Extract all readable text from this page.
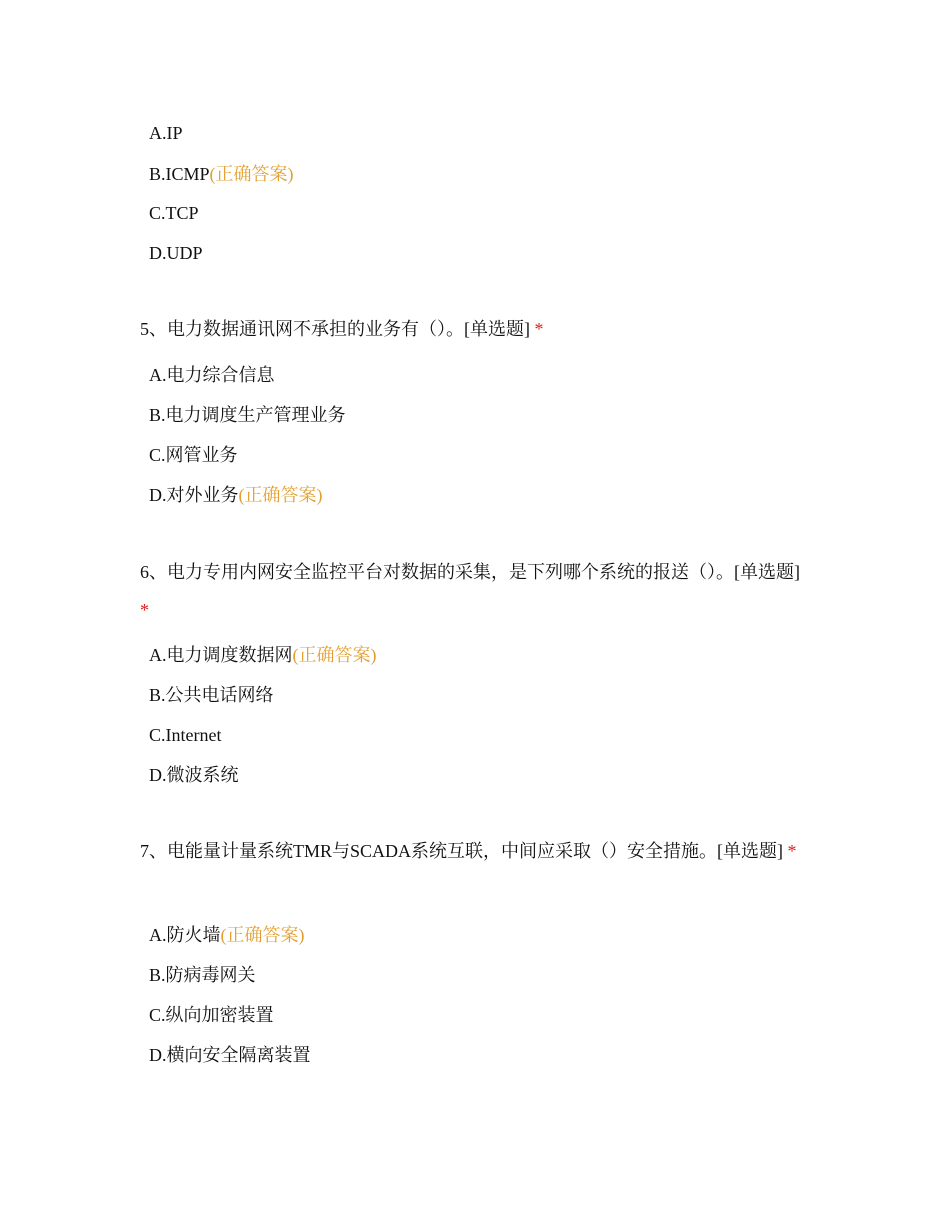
A.IP
B.ICMP(正确答案)
C.TCP
D.UDP
5、电力数据通讯网不承担的业务有（）。[单选题] *
A.电力综合信息
B.电力调度生产管理业务
C.网管业务
D.对外业务(正确答案)
6、电力专用内网安全监控平台对数据的采集，是下列哪个系统的报送（）。[单选题] *
A.电力调度数据网(正确答案)
B.公共电话网络
C.Internet
D.微波系统
7、电能量计量系统TMR与SCADA系统互联，中间应采取（）安全措施。[单选题] *
A.防火墙(正确答案)
B.防病毒网关
C.纵向加密装置
D.横向安全隔离装置
